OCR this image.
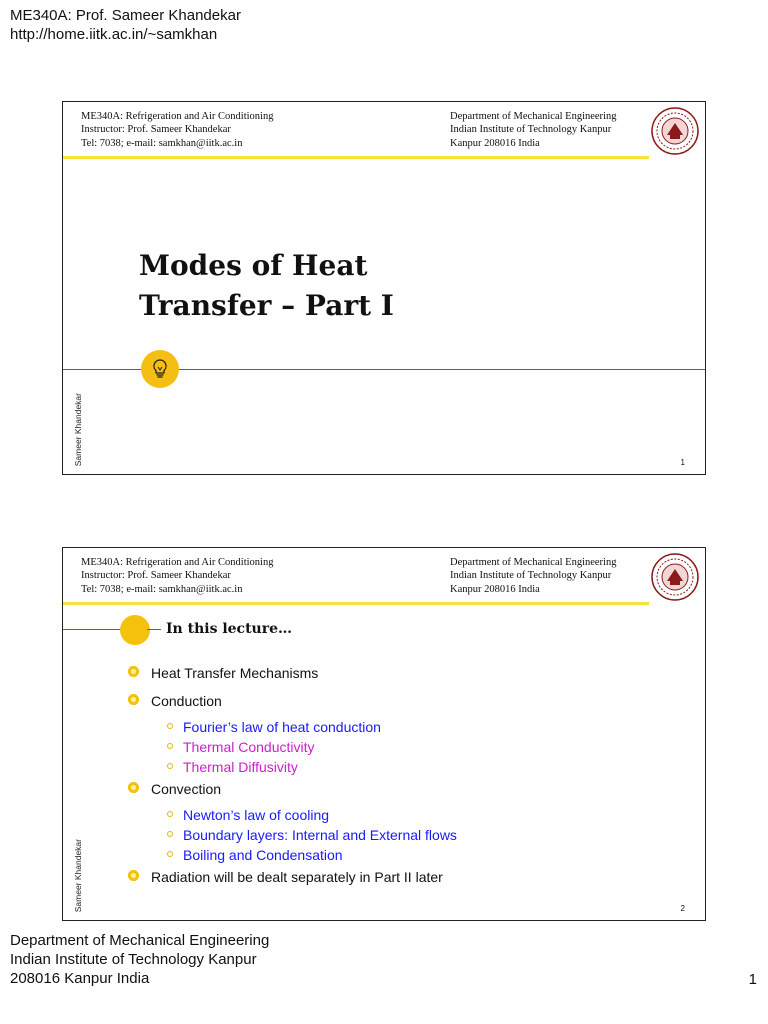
ME340A: Prof. Sameer Khandekar
http://home.iitk.ac.in/~samkhan
ME340A: Refrigeration and Air Conditioning
Instructor: Prof. Sameer Khandekar
Tel: 7038; e-mail: samkhan@iitk.ac.in
Department of Mechanical Engineering
Indian Institute of Technology Kanpur
Kanpur 208016 India
Modes of Heat
Transfer – Part I
Sameer Khandekar	1
ME340A: Refrigeration and Air Conditioning
Instructor: Prof. Sameer Khandekar
Tel: 7038; e-mail: samkhan@iitk.ac.in
Department of Mechanical Engineering
Indian Institute of Technology Kanpur
Kanpur 208016 India
In this lecture…
Heat Transfer Mechanisms
Conduction
Fourier’s law of heat conduction
Thermal Conductivity
Thermal Diffusivity
Convection
Newton’s law of cooling
Boundary layers: Internal and External flows
Boiling and Condensation
Radiation will be dealt separately in Part II later
Sameer Khandekar	2
Department of Mechanical Engineering
Indian Institute of Technology Kanpur
208016 Kanpur India	1
